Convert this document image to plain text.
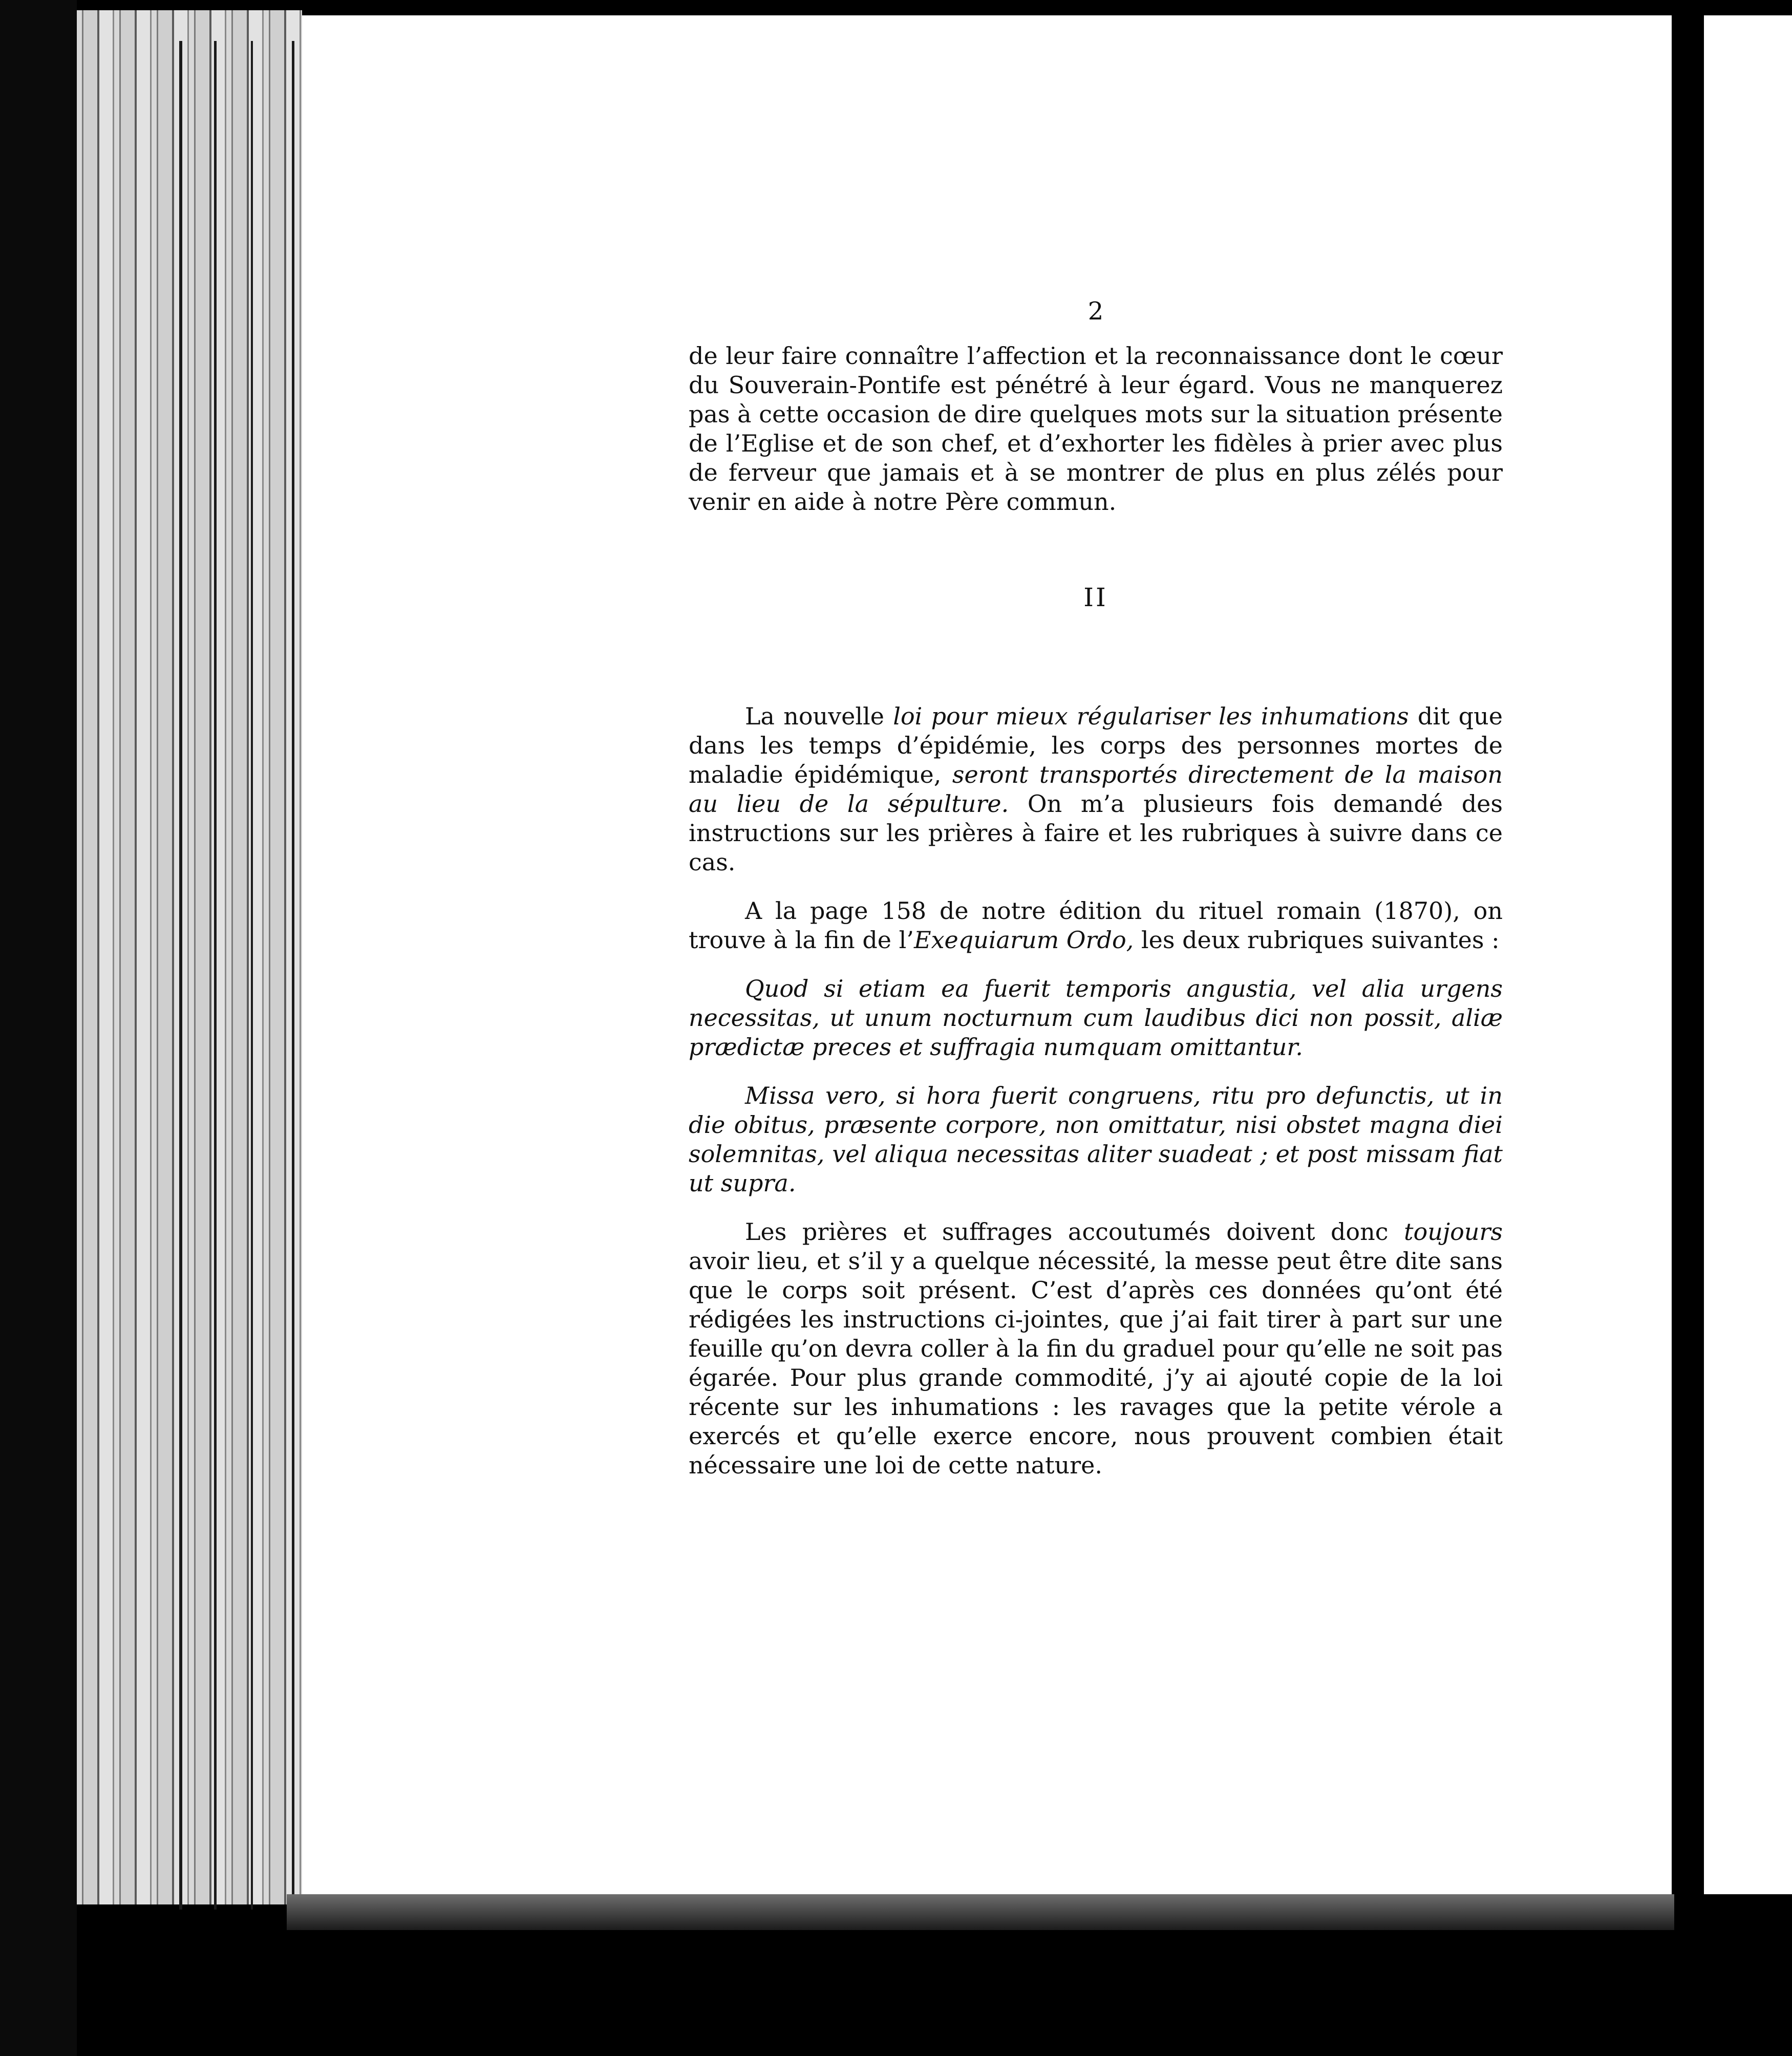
2

de leur faire connaître l’affection et la reconnaissance dont le cœur du Souverain-Pontife est pénétré à leur égard. Vous ne manquerez pas à cette occasion de dire quelques mots sur la situation présente de l’Eglise et de son chef, et d’exhorter les fidèles à prier avec plus de ferveur que jamais et à se montrer de plus en plus zélés pour venir en aide à notre Père commun.

II

La nouvelle loi pour mieux régulariser les inhumations dit que dans les temps d’épidémie, les corps des personnes mortes de maladie épidémique, seront transportés directement de la maison au lieu de la sépulture. On m’a plusieurs fois demandé des instructions sur les prières à faire et les rubriques à suivre dans ce cas.

A la page 158 de notre édition du rituel romain (1870), on trouve à la fin de l’Exequiarum Ordo, les deux rubriques suivantes :

Quod si etiam ea fuerit temporis angustia, vel alia urgens necessitas, ut unum nocturnum cum laudibus dici non possit, aliæ prædictæ preces et suffragia numquam omittantur.

Missa vero, si hora fuerit congruens, ritu pro defunctis, ut in die obitus, præsente corpore, non omittatur, nisi obstet magna diei solemnitas, vel aliqua necessitas aliter suadeat ; et post missam fiat ut supra.

Les prières et suffrages accoutumés doivent donc toujours avoir lieu, et s’il y a quelque nécessité, la messe peut être dite sans que le corps soit présent. C’est d’après ces données qu’ont été rédigées les instructions ci-jointes, que j’ai fait tirer à part sur une feuille qu’on devra coller à la fin du graduel pour qu’elle ne soit pas égarée. Pour plus grande commodité, j’y ai ajouté copie de la loi récente sur les inhumations : les ravages que la petite vérole a exercés et qu’elle exerce encore, nous prouvent combien était nécessaire une loi de cette nature.
